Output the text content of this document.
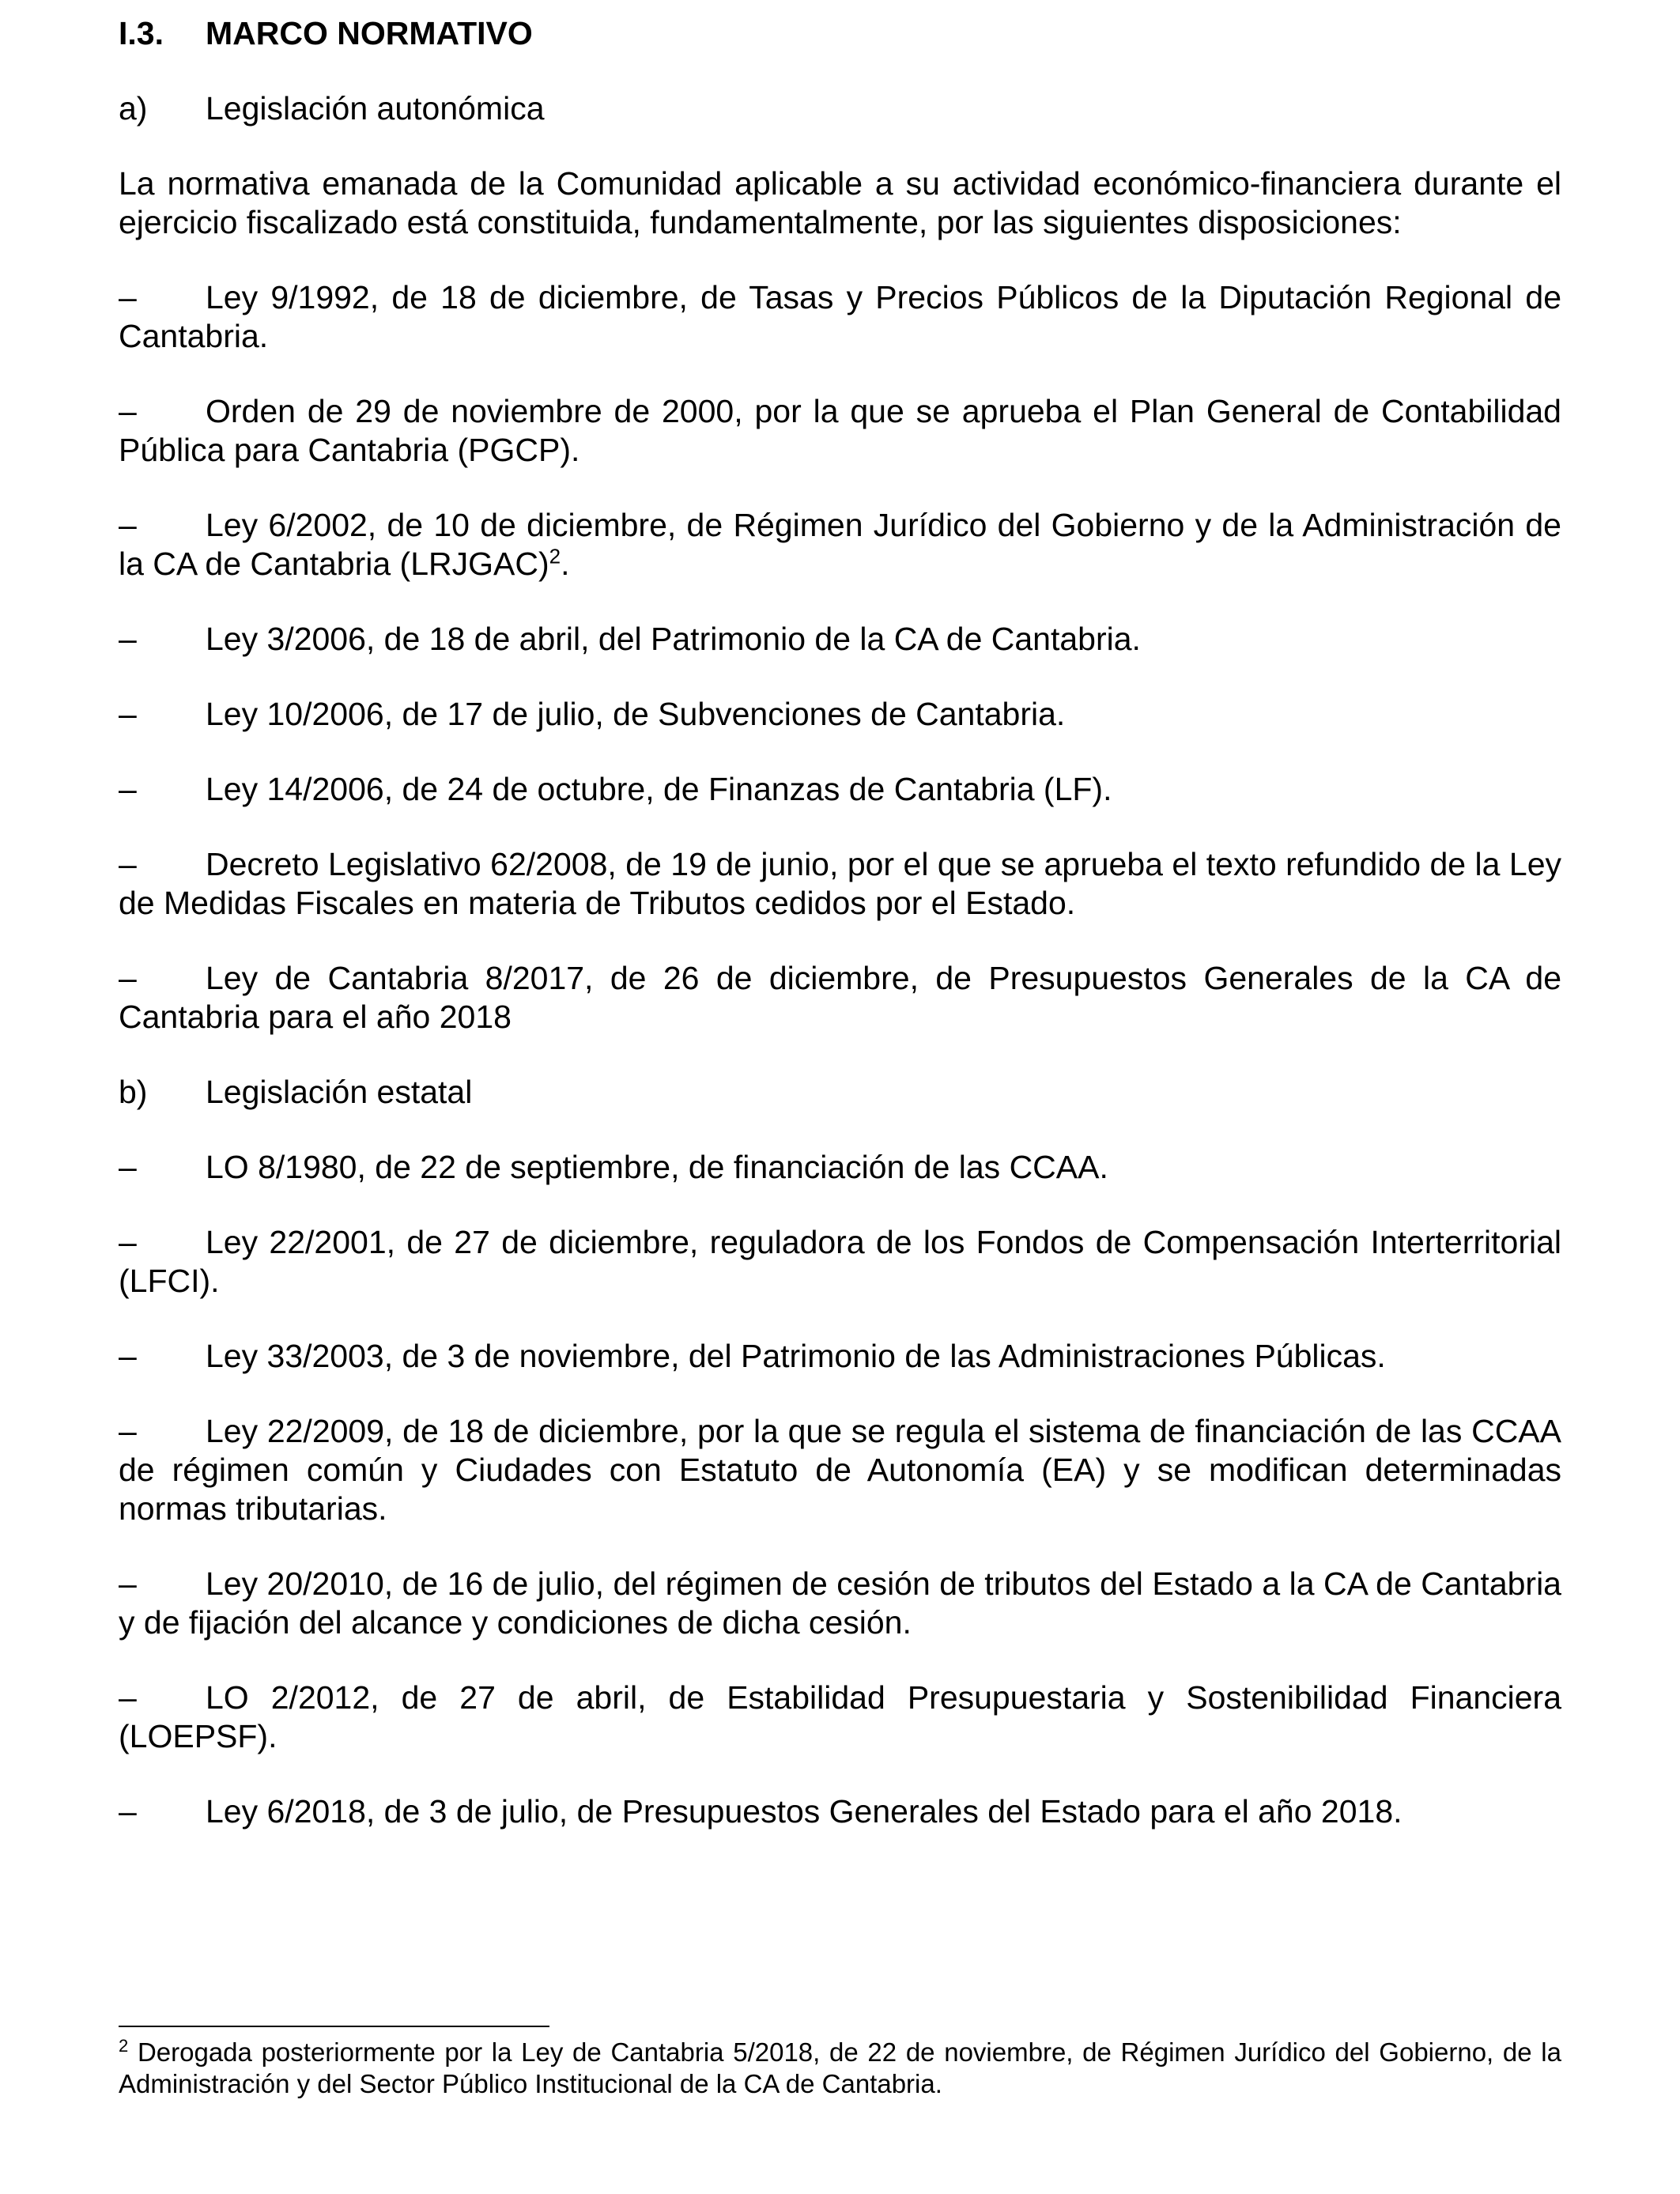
I.3. MARCO NORMATIVO
a) Legislación autonómica

La normativa emanada de la Comunidad aplicable a su actividad económico-financiera durante el ejercicio fiscalizado está constituida, fundamentalmente, por las siguientes disposiciones:

– Ley 9/1992, de 18 de diciembre, de Tasas y Precios Públicos de la Diputación Regional de Cantabria.
– Orden de 29 de noviembre de 2000, por la que se aprueba el Plan General de Contabilidad Pública para Cantabria (PGCP).
– Ley 6/2002, de 10 de diciembre, de Régimen Jurídico del Gobierno y de la Administración de la CA de Cantabria (LRJGAC)$^2$.
– Ley 3/2006, de 18 de abril, del Patrimonio de la CA de Cantabria.
– Ley 10/2006, de 17 de julio, de Subvenciones de Cantabria.
– Ley 14/2006, de 24 de octubre, de Finanzas de Cantabria (LF).
– Decreto Legislativo 62/2008, de 19 de junio, por el que se aprueba el texto refundido de la Ley de Medidas Fiscales en materia de Tributos cedidos por el Estado.
– Ley de Cantabria 8/2017, de 26 de diciembre, de Presupuestos Generales de la CA de Cantabria para el año 2018
b) Legislación estatal
– LO 8/1980, de 22 de septiembre, de financiación de las CCAA.
– Ley 22/2001, de 27 de diciembre, reguladora de los Fondos de Compensación Interterritorial (LFCI).
– Ley 33/2003, de 3 de noviembre, del Patrimonio de las Administraciones Públicas.
– Ley 22/2009, de 18 de diciembre, por la que se regula el sistema de financiación de las CCAA de régimen común y Ciudades con Estatuto de Autonomía (EA) y se modifican determinadas normas tributarias.
– Ley 20/2010, de 16 de julio, del régimen de cesión de tributos del Estado a la CA de Cantabria y de fijación del alcance y condiciones de dicha cesión.
– LO 2/2012, de 27 de abril, de Estabilidad Presupuestaria y Sostenibilidad Financiera (LOEPSF).
– Ley 6/2018, de 3 de julio, de Presupuestos Generales del Estado para el año 2018.
$^2$ Derogada posteriormente por la Ley de Cantabria 5/2018, de 22 de noviembre, de Régimen Jurídico del Gobierno, de la Administración y del Sector Público Institucional de la CA de Cantabria.
